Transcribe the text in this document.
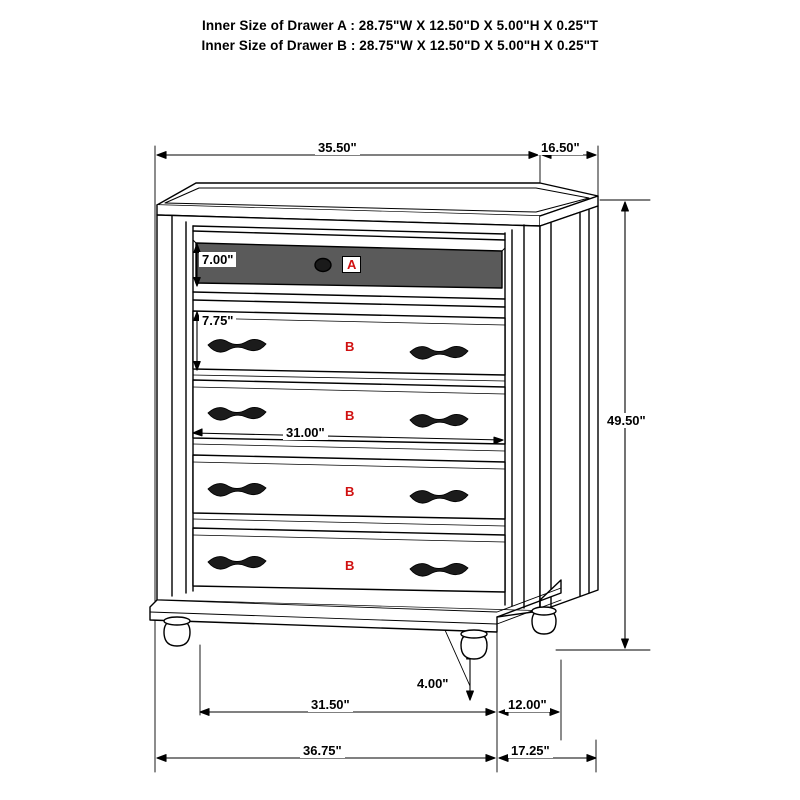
Inner Size of Drawer A : 28.75"W X 12.50"D X 5.00"H X 0.25"T
Inner Size of Drawer B : 28.75"W X 12.50"D X 5.00"H X 0.25"T
35.50"	16.50"
49.50"
7.00"
7.75"
31.00"
4.00"
31.50"	12.00"
36.75"	17.25"
A
B
B
B
B
